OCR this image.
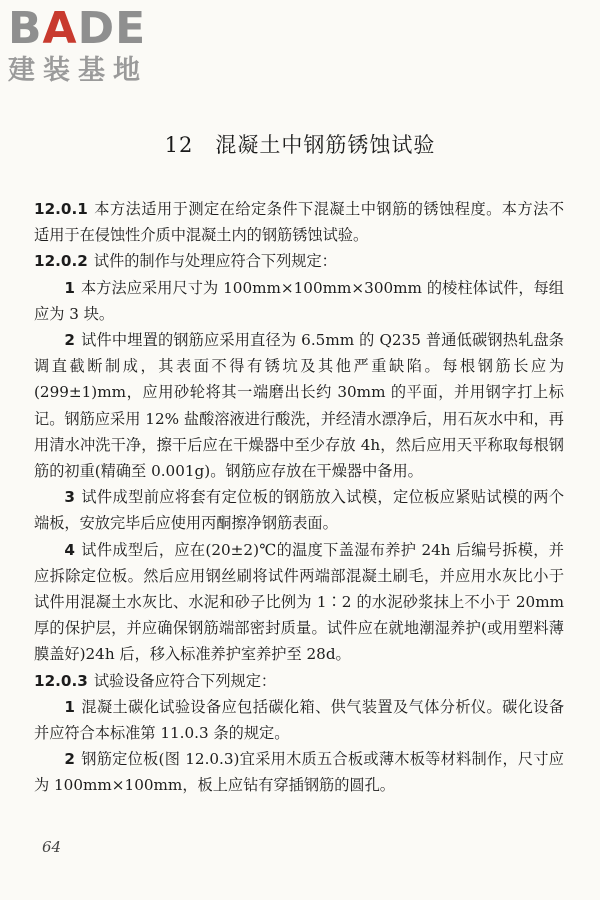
BADE
建装基地
12　混凝土中钢筋锈蚀试验

12.0.1 本方法适用于测定在给定条件下混凝土中钢筋的锈蚀程度。本方法不适用于在侵蚀性介质中混凝土内的钢筋锈蚀试验。

12.0.2 试件的制作与处理应符合下列规定：

1 本方法应采用尺寸为 100mm×100mm×300mm 的棱柱体试件，每组应为 3 块。

2 试件中埋置的钢筋应采用直径为 6.5mm 的 Q235 普通低碳钢热轧盘条调直截断制成，其表面不得有锈坑及其他严重缺陷。每根钢筋长应为(299±1)mm，应用砂轮将其一端磨出长约 30mm 的平面，并用钢字打上标记。钢筋应采用 12% 盐酸溶液进行酸洗，并经清水漂净后，用石灰水中和，再用清水冲洗干净，擦干后应在干燥器中至少存放 4h，然后应用天平称取每根钢筋的初重(精确至 0.001g)。钢筋应存放在干燥器中备用。

3 试件成型前应将套有定位板的钢筋放入试模，定位板应紧贴试模的两个端板，安放完毕后应使用丙酮擦净钢筋表面。

4 试件成型后，应在(20±2)℃的温度下盖湿布养护 24h 后编号拆模，并应拆除定位板。然后应用钢丝刷将试件两端部混凝土刷毛，并应用水灰比小于试件用混凝土水灰比、水泥和砂子比例为 1∶2 的水泥砂浆抹上不小于 20mm 厚的保护层，并应确保钢筋端部密封质量。试件应在就地潮湿养护(或用塑料薄膜盖好)24h 后，移入标准养护室养护至 28d。

12.0.3 试验设备应符合下列规定：

1 混凝土碳化试验设备应包括碳化箱、供气装置及气体分析仪。碳化设备并应符合本标准第 11.0.3 条的规定。

2 钢筋定位板(图 12.0.3)宜采用木质五合板或薄木板等材料制作，尺寸应为 100mm×100mm，板上应钻有穿插钢筋的圆孔。

64
